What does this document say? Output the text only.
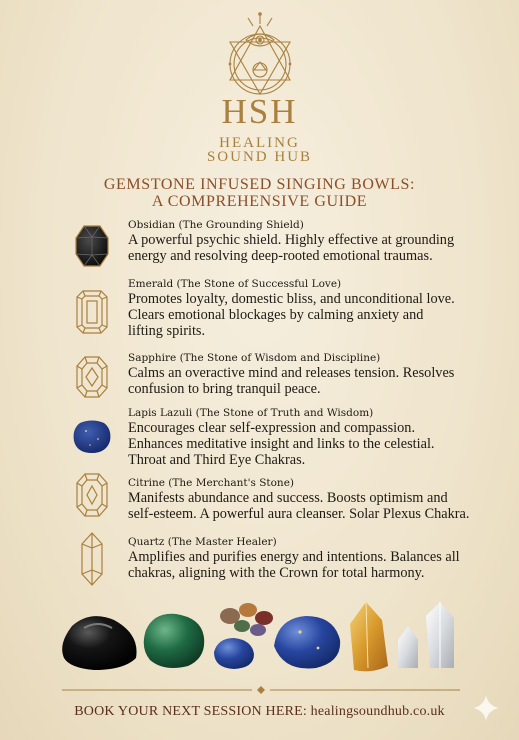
HSH
HEALING
SOUND HUB
GEMSTONE INFUSED SINGING BOWLS:
A COMPREHENSIVE GUIDE
Obsidian (The Grounding Shield)
A powerful psychic shield. Highly effective at grounding
energy and resolving deep-rooted emotional traumas.
Emerald (The Stone of Successful Love)
Promotes loyalty, domestic bliss, and unconditional love.
Clears emotional blockages by calming anxiety and
lifting spirits.
Sapphire (The Stone of Wisdom and Discipline)
Calms an overactive mind and releases tension. Resolves
confusion to bring tranquil peace.
Lapis Lazuli (The Stone of Truth and Wisdom)
Encourages clear self-expression and compassion.
Enhances meditative insight and links to the celestial.
Throat and Third Eye Chakras.
Citrine (The Merchant's Stone)
Manifests abundance and success. Boosts optimism and
self-esteem. A powerful aura cleanser. Solar Plexus Chakra.
Quartz (The Master Healer)
Amplifies and purifies energy and intentions. Balances all
chakras, aligning with the Crown for total harmony.
BOOK YOUR NEXT SESSION HERE: healingsoundhub.co.uk
